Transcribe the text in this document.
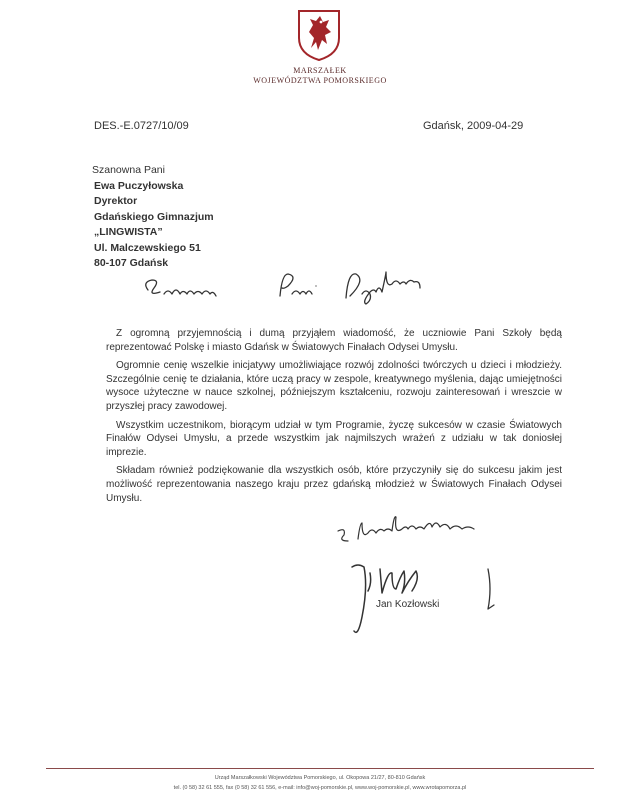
MARSZAŁEK
WOJEWÓDZTWA POMORSKIEGO
DES.-E.0727/10/09	Gdańsk, 2009-04-29
Szanowna Pani
Ewa Puczyłowska
Dyrektor
Gdańskiego Gimnazjum
„LINGWISTA”
Ul. Malczewskiego 51
80-107 Gdańsk

Z ogromną przyjemnością i dumą przyjąłem wiadomość, że uczniowie Pani Szkoły będą reprezentować Polskę i miasto Gdańsk w Światowych Finałach Odysei Umysłu.

Ogromnie cenię wszelkie inicjatywy umożliwiające rozwój zdolności twórczych u dzieci i młodzieży. Szczególnie cenię te działania, które uczą pracy w zespole, kreatywnego myślenia, dając umiejętności wysoce użyteczne w nauce szkolnej, późniejszym kształceniu, rozwoju zainteresowań i wreszcie w przyszłej pracy zawodowej.

Wszystkim uczestnikom, biorącym udział w tym Programie, życzę sukcesów w czasie Światowych Finałów Odysei Umysłu, a przede wszystkim jak najmilszych wrażeń z udziału w tak doniosłej imprezie.

Składam również podziękowanie dla wszystkich osób, które przyczyniły się do sukcesu jakim jest możliwość reprezentowania naszego kraju przez gdańską młodzież w Światowych Finałach Odysei Umysłu.

Jan Kozłowski
Urząd Marszałkowski Województwa Pomorskiego, ul. Okopowa 21/27, 80-810 Gdańsk
tel. (0 58) 32 61 555, fax (0 58) 32 61 556, e-mail: info@woj-pomorskie.pl, www.woj-pomorskie.pl, www.wrotapomorza.pl
